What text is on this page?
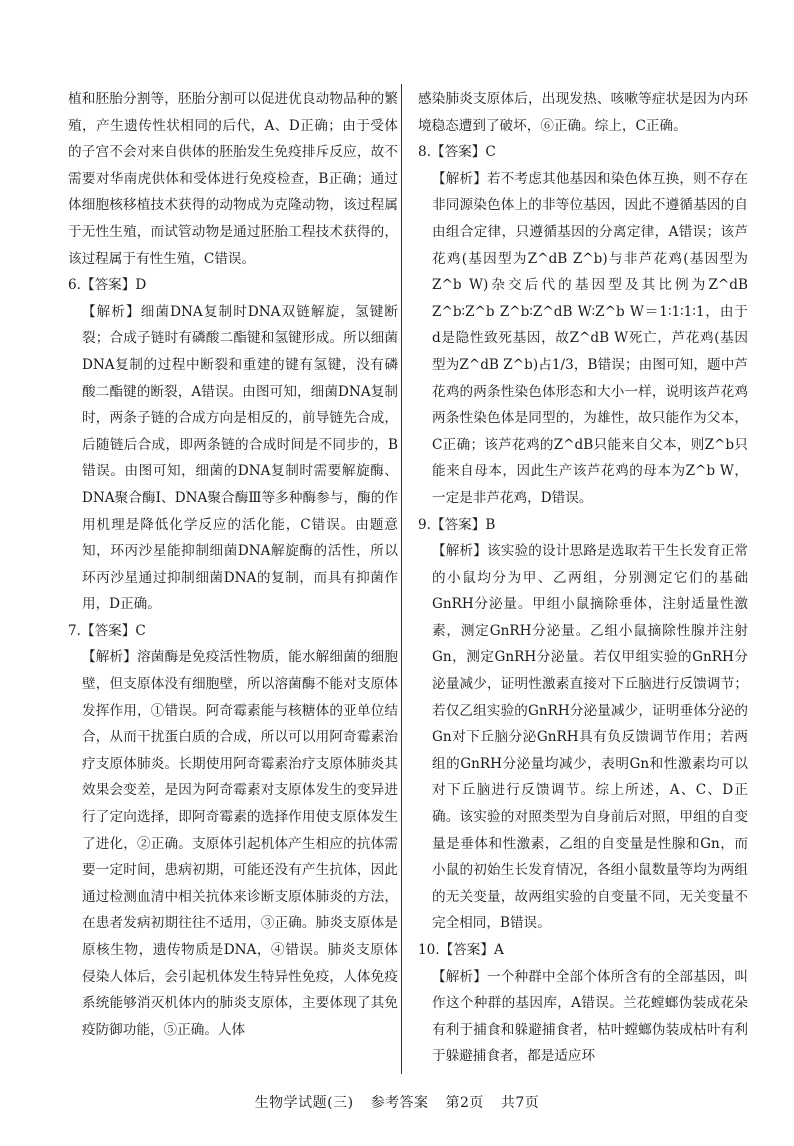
植和胚胎分割等，胚胎分割可以促进优良动物品种的繁殖，产生遗传性状相同的后代，A、D正确；由于受体的子宫不会对来自供体的胚胎发生免疫排斥反应，故不需要对华南虎供体和受体进行免疫检查，B正确；通过体细胞核移植技术获得的动物成为克隆动物，该过程属于无性生殖，而试管动物是通过胚胎工程技术获得的，该过程属于有性生殖，C错误。

6.【答案】D

【解析】细菌DNA复制时DNA双链解旋，氢键断裂；合成子链时有磷酸二酯键和氢键形成。所以细菌DNA复制的过程中断裂和重建的键有氢键，没有磷酸二酯键的断裂，A错误。由图可知，细菌DNA复制时，两条子链的合成方向是相反的，前导链先合成，后随链后合成，即两条链的合成时间是不同步的，B错误。由图可知，细菌的DNA复制时需要解旋酶、DNA聚合酶Ⅰ、DNA聚合酶Ⅲ等多种酶参与，酶的作用机理是降低化学反应的活化能，C错误。由题意知，环丙沙星能抑制细菌DNA解旋酶的活性，所以环丙沙星通过抑制细菌DNA的复制，而具有抑菌作用，D正确。

7.【答案】C

【解析】溶菌酶是免疫活性物质，能水解细菌的细胞壁，但支原体没有细胞壁，所以溶菌酶不能对支原体发挥作用，①错误。阿奇霉素能与核糖体的亚单位结合，从而干扰蛋白质的合成，所以可以用阿奇霉素治疗支原体肺炎。长期使用阿奇霉素治疗支原体肺炎其效果会变差，是因为阿奇霉素对支原体发生的变异进行了定向选择，即阿奇霉素的选择作用使支原体发生了进化，②正确。支原体引起机体产生相应的抗体需要一定时间，患病初期，可能还没有产生抗体，因此通过检测血清中相关抗体来诊断支原体肺炎的方法，在患者发病初期往往不适用，③正确。肺炎支原体是原核生物，遗传物质是DNA，④错误。肺炎支原体侵染人体后，会引起机体发生特异性免疫，人体免疫系统能够消灭机体内的肺炎支原体，主要体现了其免疫防御功能，⑤正确。人体

感染肺炎支原体后，出现发热、咳嗽等症状是因为内环境稳态遭到了破坏，⑥正确。综上，C正确。

8.【答案】C

【解析】若不考虑其他基因和染色体互换，则不存在非同源染色体上的非等位基因，因此不遵循基因的自由组合定律，只遵循基因的分离定律，A错误；该芦花鸡(基因型为Z^dB Z^b)与非芦花鸡(基因型为Z^b W)杂交后代的基因型及其比例为Z^dB Z^b∶Z^b Z^b∶Z^dB W∶Z^b W＝1∶1∶1∶1，由于d是隐性致死基因，故Z^dB W死亡，芦花鸡(基因型为Z^dB Z^b)占1/3，B错误；由图可知，题中芦花鸡的两条性染色体形态和大小一样，说明该芦花鸡两条性染色体是同型的，为雄性，故只能作为父本，C正确；该芦花鸡的Z^dB只能来自父本，则Z^b只能来自母本，因此生产该芦花鸡的母本为Z^b W，一定是非芦花鸡，D错误。

9.【答案】B

【解析】该实验的设计思路是选取若干生长发育正常的小鼠均分为甲、乙两组，分别测定它们的基础GnRH分泌量。甲组小鼠摘除垂体，注射适量性激素，测定GnRH分泌量。乙组小鼠摘除性腺并注射Gn，测定GnRH分泌量。若仅甲组实验的GnRH分泌量减少，证明性激素直接对下丘脑进行反馈调节；若仅乙组实验的GnRH分泌量减少，证明垂体分泌的Gn对下丘脑分泌GnRH具有负反馈调节作用；若两组的GnRH分泌量均减少，表明Gn和性激素均可以对下丘脑进行反馈调节。综上所述，A、C、D正确。该实验的对照类型为自身前后对照，甲组的自变量是垂体和性激素，乙组的自变量是性腺和Gn，而小鼠的初始生长发育情况，各组小鼠数量等均为两组的无关变量，故两组实验的自变量不同，无关变量不完全相同，B错误。

10.【答案】A

【解析】一个种群中全部个体所含有的全部基因，叫作这个种群的基因库，A错误。兰花螳螂伪装成花朵有利于捕食和躲避捕食者，枯叶螳螂伪装成枯叶有利于躲避捕食者，都是适应环

生物学试题(三) 参考答案 第2页 共7页
